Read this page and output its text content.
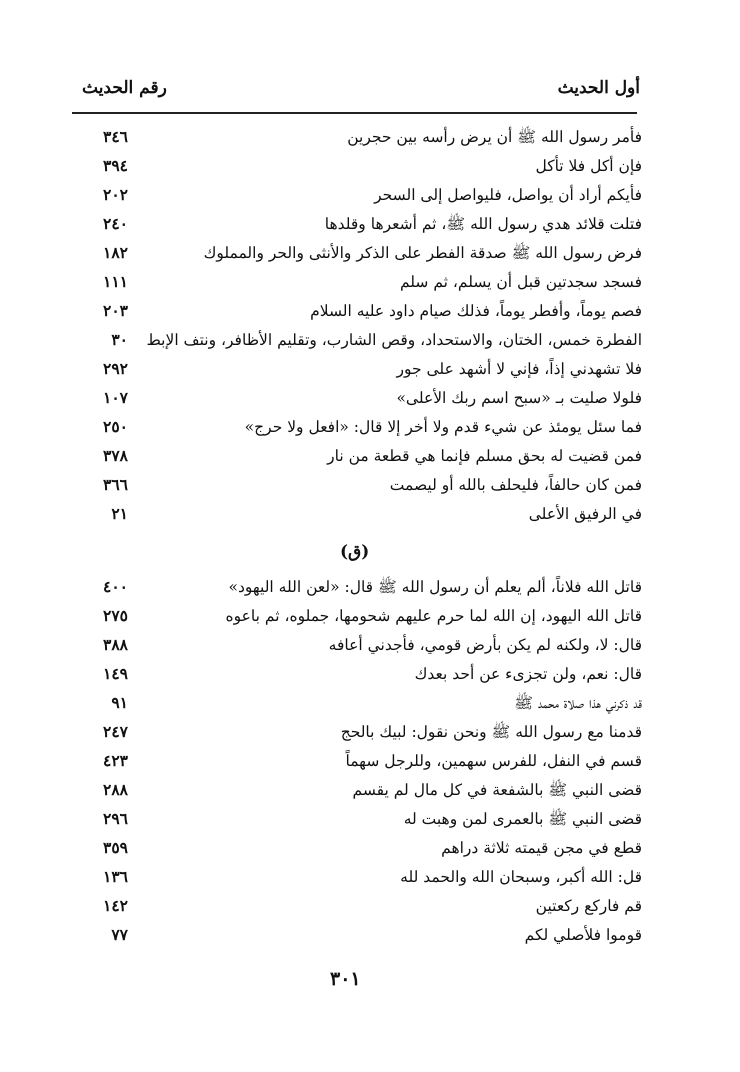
أول الحديث
رقم الحديث
فأمر رسول الله ﷺ أن يرض رأسه بين حجرين
٣٤٦
فإن أكل فلا تأكل
٣٩٤
فأيكم أراد أن يواصل، فليواصل إلى السحر
٢٠٢
فتلت قلائد هدي رسول الله ﷺ، ثم أشعرها وقلدها
٢٤٠
فرض رسول الله ﷺ صدقة الفطر على الذكر والأنثى والحر والمملوك
١٨٢
فسجد سجدتين قبل أن يسلم، ثم سلم
١١١
فصم يوماً، وأفطر يوماً، فذلك صيام داود عليه السلام
٢٠٣
الفطرة خمس، الختان، والاستحداد، وقص الشارب، وتقليم الأظافر، ونتف الإبط
٣٠
فلا تشهدني إذاً، فإني لا أشهد على جور
٢٩٢
فلولا صليت بـ «سبح اسم ربك الأعلى»
١٠٧
فما سئل يومئذ عن شيء قدم ولا أخر إلا قال: «افعل ولا حرج»
٢٥٠
فمن قضيت له بحق مسلم فإنما هي قطعة من نار
٣٧٨
فمن كان حالفاً، فليحلف بالله أو ليصمت
٣٦٦
في الرفيق الأعلى
٢١
(ق)
قاتل الله فلاناً، ألم يعلم أن رسول الله ﷺ قال: «لعن الله اليهود»
٤٠٠
قاتل الله اليهود، إن الله لما حرم عليهم شحومها، جملوه، ثم باعوه
٢٧٥
قال: لا، ولكنه لم يكن بأرض قومي، فأجدني أعافه
٣٨٨
قال: نعم، ولن تجزىء عن أحد بعدك
١٤٩
قد ذكرني هذا صلاة محمد ﷺ
٩١
قدمنا مع رسول الله ﷺ ونحن نقول: لبيك بالحج
٢٤٧
قسم في النفل، للفرس سهمين، وللرجل سهماً
٤٢٣
قضى النبي ﷺ بالشفعة في كل مال لم يقسم
٢٨٨
قضى النبي ﷺ بالعمرى لمن وهبت له
٢٩٦
قطع في مجن قيمته ثلاثة دراهم
٣٥٩
قل: الله أكبر، وسبحان الله والحمد لله
١٣٦
قم فاركع ركعتين
١٤٢
قوموا فلأصلي لكم
٧٧
٣٠١
